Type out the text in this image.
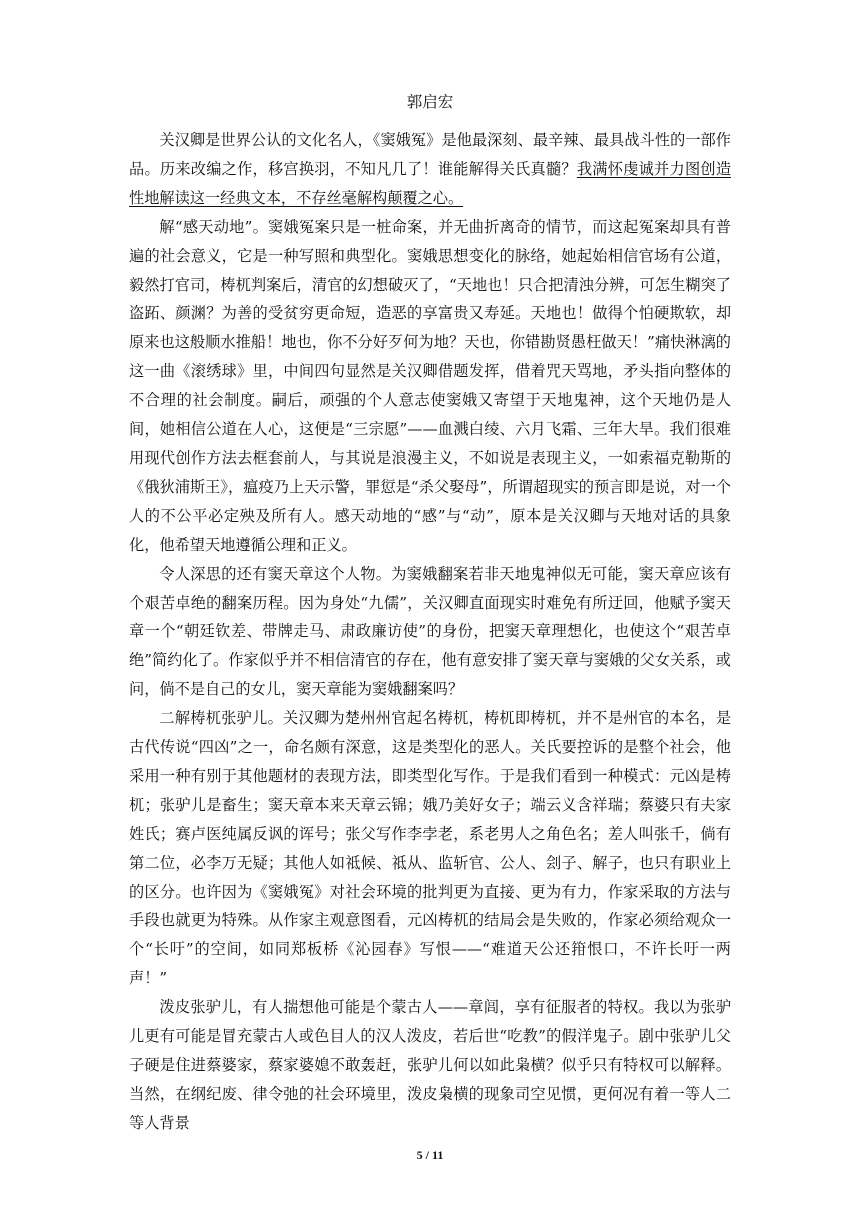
郭启宏

关汉卿是世界公认的文化名人，《窦娥冤》是他最深刻、最辛辣、最具战斗性的一部作品。历来改编之作，移宫换羽，不知凡几了！谁能解得关氏真髓？我满怀虔诚并力图创造性地解读这一经典文本，不存丝毫解构颠覆之心。

解“感天动地”。窦娥冤案只是一桩命案，并无曲折离奇的情节，而这起冤案却具有普遍的社会意义，它是一种写照和典型化。窦娥思想变化的脉络，她起始相信官场有公道，毅然打官司，梼杌判案后，清官的幻想破灭了，“天地也！只合把清浊分辨，可怎生糊突了盗跖、颜渊？为善的受贫穷更命短，造恶的享富贵又寿延。天地也！做得个怕硬欺软，却原来也这般顺水推船！地也，你不分好歹何为地？天也，你错勘贤愚枉做天！”痛快淋漓的这一曲《滚绣球》里，中间四句显然是关汉卿借题发挥，借着咒天骂地，矛头指向整体的不合理的社会制度。嗣后，顽强的个人意志使窦娥又寄望于天地鬼神，这个天地仍是人间，她相信公道在人心，这便是“三宗愿”——血溅白绫、六月飞霜、三年大旱。我们很难用现代创作方法去框套前人，与其说是浪漫主义，不如说是表现主义，一如索福克勒斯的《俄狄浦斯王》，瘟疫乃上天示警，罪愆是“杀父娶母”，所谓超现实的预言即是说，对一个人的不公平必定殃及所有人。感天动地的“感”与“动”，原本是关汉卿与天地对话的具象化，他希望天地遵循公理和正义。

令人深思的还有窦天章这个人物。为窦娥翻案若非天地鬼神似无可能，窦天章应该有个艰苦卓绝的翻案历程。因为身处“九儒”，关汉卿直面现实时难免有所迂回，他赋予窦天章一个“朝廷钦差、带牌走马、肃政廉访使”的身份，把窦天章理想化，也使这个“艰苦卓绝”简约化了。作家似乎并不相信清官的存在，他有意安排了窦天章与窦娥的父女关系，或问，倘不是自己的女儿，窦天章能为窦娥翻案吗？

二解梼杌张驴儿。关汉卿为楚州州官起名梼杌，梼杌即梼杌，并不是州官的本名，是古代传说“四凶”之一，命名颇有深意，这是类型化的恶人。关氏要控诉的是整个社会，他采用一种有别于其他题材的表现方法，即类型化写作。于是我们看到一种模式：元凶是梼杌；张驴儿是畜生；窦天章本来天章云锦；娥乃美好女子；端云义含祥瑞；蔡婆只有夫家姓氏；赛卢医纯属反讽的诨号；张父写作李孛老，系老男人之角色名；差人叫张千，倘有第二位，必李万无疑；其他人如祗候、祗从、监斩官、公人、刽子、解子，也只有职业上的区分。也许因为《窦娥冤》对社会环境的批判更为直接、更为有力，作家采取的方法与手段也就更为特殊。从作家主观意图看，元凶梼杌的结局会是失败的，作家必须给观众一个“长吁”的空间，如同郑板桥《沁园春》写恨——“难道天公还箝恨口，不许长吁一两声！”

泼皮张驴儿，有人揣想他可能是个蒙古人——章闾，享有征服者的特权。我以为张驴儿更有可能是冒充蒙古人或色目人的汉人泼皮，若后世“吃教”的假洋鬼子。剧中张驴儿父子硬是住进蔡婆家，蔡家婆媳不敢轰赶，张驴儿何以如此枭横？似乎只有特权可以解释。当然，在纲纪废、律令弛的社会环境里，泼皮枭横的现象司空见惯，更何况有着一等人二等人背景

5 / 11
